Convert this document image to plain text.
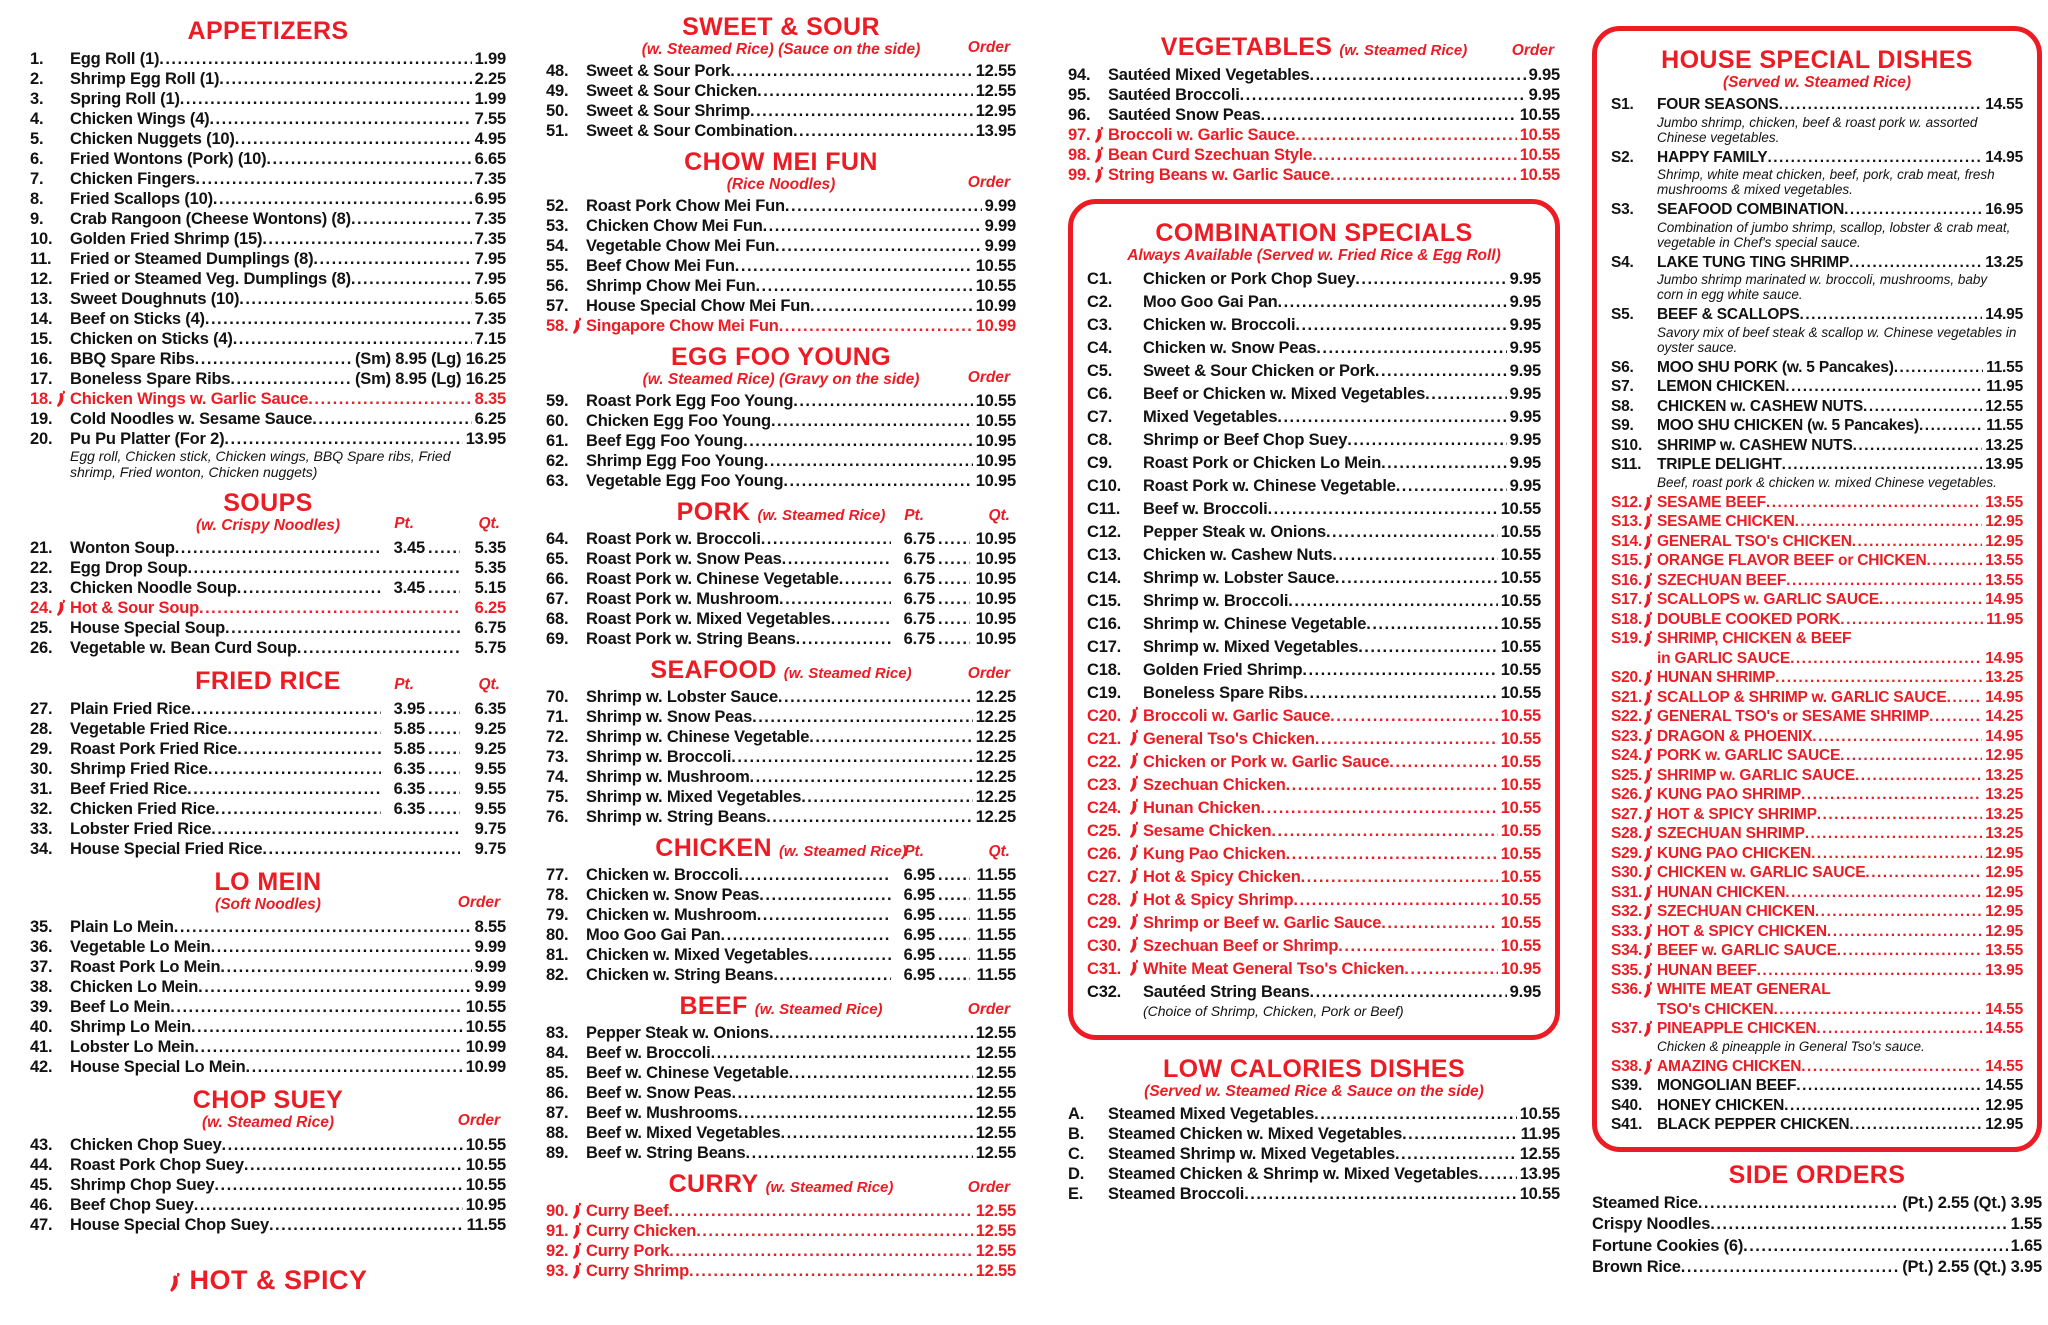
APPETIZERS
1.	Egg Roll (1) .....	1.99
2.	Shrimp Egg Roll (1) .....	2.25
3.	Spring Roll (1) .....	1.99
4.	Chicken Wings (4) .....	7.55
5.	Chicken Nuggets (10) .....	4.95
6.	Fried Wontons (Pork) (10) .....	6.65
7.	Chicken Fingers .....	7.35
8.	Fried Scallops (10) .....	6.95
9.	Crab Rangoon (Cheese Wontons) (8) .....	7.35
10.	Golden Fried Shrimp (15) .....	7.35
11.	Fried or Steamed Dumplings (8) .....	7.95
12.	Fried or Steamed Veg. Dumplings (8) .....	7.95
13.	Sweet Doughnuts (10) .....	5.65
14.	Beef on Sticks (4) .....	7.35
15.	Chicken on Sticks (4) .....	7.15
16.	BBQ Spare Ribs .....	(Sm) 8.95 (Lg) 16.25
17.	Boneless Spare Ribs .....	(Sm) 8.95 (Lg) 16.25
18.	Chicken Wings w. Garlic Sauce .....	8.35
19.	Cold Noodles w. Sesame Sauce .....	6.25
20.	Pu Pu Platter (For 2) .....	13.95
Egg roll, Chicken stick, Chicken wings, BBQ Spare ribs, Fried shrimp, Fried wonton, Chicken nuggets)
SOUPS
(w. Crispy Noodles)	Pt.	Qt.
21.	Wonton Soup .....	3.45 .....	5.35
22.	Egg Drop Soup .....	5.35
23.	Chicken Noodle Soup .....	3.45 .....	5.15
24.	Hot & Sour Soup .....	6.25
25.	House Special Soup .....	6.75
26.	Vegetable w. Bean Curd Soup .....	5.75
FRIED RICE	Pt.	Qt.
27.	Plain Fried Rice .....	3.95 .....	6.35
28.	Vegetable Fried Rice .....	5.85 .....	9.25
29.	Roast Pork Fried Rice .....	5.85 .....	9.25
30.	Shrimp Fried Rice .....	6.35 .....	9.55
31.	Beef Fried Rice .....	6.35 .....	9.55
32.	Chicken Fried Rice .....	6.35 .....	9.55
33.	Lobster Fried Rice .....	9.75
34.	House Special Fried Rice .....	9.75
LO MEIN
(Soft Noodles)	Order
35.	Plain Lo Mein .....	8.55
36.	Vegetable Lo Mein .....	9.99
37.	Roast Pork Lo Mein .....	9.99
38.	Chicken Lo Mein .....	9.99
39.	Beef Lo Mein .....	10.55
40.	Shrimp Lo Mein .....	10.55
41.	Lobster Lo Mein .....	10.99
42.	House Special Lo Mein .....	10.99
CHOP SUEY
(w. Steamed Rice)	Order
43.	Chicken Chop Suey .....	10.55
44.	Roast Pork Chop Suey .....	10.55
45.	Shrimp Chop Suey .....	10.55
46.	Beef Chop Suey .....	10.95
47.	House Special Chop Suey .....	11.55
HOT & SPICY
SWEET & SOUR
(w. Steamed Rice) (Sauce on the side)	Order
48.	Sweet & Sour Pork .....	12.55
49.	Sweet & Sour Chicken .....	12.55
50.	Sweet & Sour Shrimp .....	12.95
51.	Sweet & Sour Combination .....	13.95
CHOW MEI FUN
(Rice Noodles)	Order
52.	Roast Pork Chow Mei Fun .....	9.99
53.	Chicken Chow Mei Fun .....	9.99
54.	Vegetable Chow Mei Fun .....	9.99
55.	Beef Chow Mei Fun .....	10.55
56.	Shrimp Chow Mei Fun .....	10.55
57.	House Special Chow Mei Fun .....	10.99
58.	Singapore Chow Mei Fun .....	10.99
EGG FOO YOUNG
(w. Steamed Rice) (Gravy on the side)	Order
59.	Roast Pork Egg Foo Young .....	10.55
60.	Chicken Egg Foo Young .....	10.55
61.	Beef Egg Foo Young .....	10.95
62.	Shrimp Egg Foo Young .....	10.95
63.	Vegetable Egg Foo Young .....	10.95
PORK (w. Steamed Rice) Pt.	Qt.
64.	Roast Pork w. Broccoli .....	6.75 .....	10.95
65.	Roast Pork w. Snow Peas .....	6.75 .....	10.95
66.	Roast Pork w. Chinese Vegetable .....	6.75 .....	10.95
67.	Roast Pork w. Mushroom .....	6.75 .....	10.95
68.	Roast Pork w. Mixed Vegetables .....	6.75 .....	10.95
69.	Roast Pork w. String Beans .....	6.75 .....	10.95
SEAFOOD (w. Steamed Rice)	Order
70.	Shrimp w. Lobster Sauce .....	12.25
71.	Shrimp w. Snow Peas .....	12.25
72.	Shrimp w. Chinese Vegetable .....	12.25
73.	Shrimp w. Broccoli .....	12.25
74.	Shrimp w. Mushroom .....	12.25
75.	Shrimp w. Mixed Vegetables .....	12.25
76.	Shrimp w. String Beans .....	12.25
CHICKEN (w. Steamed Rice)
Pt.	Qt.
77.	Chicken w. Broccoli .....	6.95 .....	11.55
78.	Chicken w. Snow Peas .....	6.95 .....	11.55
79.	Chicken w. Mushroom .....	6.95 .....	11.55
80.	Moo Goo Gai Pan .....	6.95 .....	11.55
81.	Chicken w. Mixed Vegetables .....	6.95 .....	11.55
82.	Chicken w. String Beans .....	6.95 .....	11.55
BEEF (w. Steamed Rice)	Order
83.	Pepper Steak w. Onions .....	12.55
84.	Beef w. Broccoli .....	12.55
85.	Beef w. Chinese Vegetable .....	12.55
86.	Beef w. Snow Peas .....	12.55
87.	Beef w. Mushrooms .....	12.55
88.	Beef w. Mixed Vegetables .....	12.55
89.	Beef w. String Beans .....	12.55
CURRY (w. Steamed Rice)	Order
90.	Curry Beef .....	12.55
91.	Curry Chicken .....	12.55
92.	Curry Pork .....	12.55
93.	Curry Shrimp .....	12.55
VEGETABLES (w. Steamed Rice)	Order
94.	Sautéed Mixed Vegetables .....	9.95
95.	Sautéed Broccoli .....	9.95
96.	Sautéed Snow Peas .....	10.55
97.	Broccoli w. Garlic Sauce .....	10.55
98.	Bean Curd Szechuan Style .....	10.55
99.	String Beans w. Garlic Sauce .....	10.55
COMBINATION SPECIALS
Always Available (Served w. Fried Rice & Egg Roll)
C1.	Chicken or Pork Chop Suey .....	9.95
C2.	Moo Goo Gai Pan .....	9.95
C3.	Chicken w. Broccoli .....	9.95
C4.	Chicken w. Snow Peas .....	9.95
C5.	Sweet & Sour Chicken or Pork .....	9.95
C6.	Beef or Chicken w. Mixed Vegetables .....	9.95
C7.	Mixed Vegetables .....	9.95
C8.	Shrimp or Beef Chop Suey .....	9.95
C9.	Roast Pork or Chicken Lo Mein .....	9.95
C10.	Roast Pork w. Chinese Vegetable .....	9.95
C11.	Beef w. Broccoli .....	10.55
C12.	Pepper Steak w. Onions .....	10.55
C13.	Chicken w. Cashew Nuts .....	10.55
C14.	Shrimp w. Lobster Sauce .....	10.55
C15.	Shrimp w. Broccoli .....	10.55
C16.	Shrimp w. Chinese Vegetable .....	10.55
C17.	Shrimp w. Mixed Vegetables .....	10.55
C18.	Golden Fried Shrimp .....	10.55
C19.	Boneless Spare Ribs .....	10.55
C20.	Broccoli w. Garlic Sauce .....	10.55
C21.	General Tso's Chicken .....	10.55
C22.	Chicken or Pork w. Garlic Sauce .....	10.55
C23.	Szechuan Chicken .....	10.55
C24.	Hunan Chicken .....	10.55
C25.	Sesame Chicken .....	10.55
C26.	Kung Pao Chicken .....	10.55
C27.	Hot & Spicy Chicken .....	10.55
C28.	Hot & Spicy Shrimp .....	10.55
C29.	Shrimp or Beef w. Garlic Sauce .....	10.55
C30.	Szechuan Beef or Shrimp .....	10.55
C31.	White Meat General Tso's Chicken .....	10.95
C32.	Sautéed String Beans .....	9.95
(Choice of Shrimp, Chicken, Pork or Beef)
LOW CALORIES DISHES
(Served w. Steamed Rice & Sauce on the side)
A.	Steamed Mixed Vegetables .....	10.55
B.	Steamed Chicken w. Mixed Vegetables .....	11.95
C.	Steamed Shrimp w. Mixed Vegetables .....	12.55
D.	Steamed Chicken & Shrimp w. Mixed Vegetables .....	13.95
E.	Steamed Broccoli .....	10.55
HOUSE SPECIAL DISHES
(Served w. Steamed Rice)
S1.	FOUR SEASONS .....	14.55
Jumbo shrimp, chicken, beef & roast pork w. assorted Chinese vegetables.
S2.	HAPPY FAMILY .....	14.95
Shrimp, white meat chicken, beef, pork, crab meat, fresh mushrooms & mixed vegetables.
S3.	SEAFOOD COMBINATION .....	16.95
Combination of jumbo shrimp, scallop, lobster & crab meat, vegetable in Chef's special sauce.
S4.	LAKE TUNG TING SHRIMP .....	13.25
Jumbo shrimp marinated w. broccoli, mushrooms, baby corn in egg white sauce.
S5.	BEEF & SCALLOPS .....	14.95
Savory mix of beef steak & scallop w. Chinese vegetables in oyster sauce.
S6.	MOO SHU PORK (w. 5 Pancakes) .....	11.55
S7.	LEMON CHICKEN .....	11.95
S8.	CHICKEN w. CASHEW NUTS .....	12.55
S9.	MOO SHU CHICKEN (w. 5 Pancakes) .....	11.55
S10. SHRIMP w. CASHEW NUTS .....	13.25
S11.	TRIPLE DELIGHT .....	13.95
Beef, roast pork & chicken w. mixed Chinese vegetables.
S12. SESAME BEEF .....	13.55
S13. SESAME CHICKEN .....	12.95
S14. GENERAL TSO's CHICKEN .....	12.95
S15. ORANGE FLAVOR BEEF or CHICKEN .....	13.55
S16. SZECHUAN BEEF .....	13.55
S17. SCALLOPS w. GARLIC SAUCE .....	14.95
S18. DOUBLE COOKED PORK .....	11.95
S19. SHRIMP, CHICKEN & BEEF
in GARLIC SAUCE .....	14.95
S20. HUNAN SHRIMP .....	13.25
S21. SCALLOP & SHRIMP w. GARLIC SAUCE ..... 14.95
S22. GENERAL TSO's or SESAME SHRIMP .....	14.25
S23. DRAGON & PHOENIX .....	14.95
S24. PORK w. GARLIC SAUCE .....	12.95
S25. SHRIMP w. GARLIC SAUCE .....	13.25
S26. KUNG PAO SHRIMP .....	13.25
S27. HOT & SPICY SHRIMP .....	13.25
S28. SZECHUAN SHRIMP .....	13.25
S29. KUNG PAO CHICKEN .....	12.95
S30. CHICKEN w. GARLIC SAUCE .....	12.95
S31. HUNAN CHICKEN .....	12.95
S32. SZECHUAN CHICKEN .....	12.95
S33. HOT & SPICY CHICKEN .....	12.95
S34. BEEF w. GARLIC SAUCE .....	13.55
S35. HUNAN BEEF .....	13.95
S36. WHITE MEAT GENERAL
TSO's CHICKEN .....	14.55
S37. PINEAPPLE CHICKEN .....	14.55
Chicken & pineapple in General Tso's sauce.
S38. AMAZING CHICKEN .....	14.55
S39. MONGOLIAN BEEF .....	14.55
S40. HONEY CHICKEN .....	12.95
S41. BLACK PEPPER CHICKEN .....	12.95
SIDE ORDERS
Steamed Rice .....	(Pt.) 2.55 (Qt.) 3.95
Crispy Noodles .....	1.55
Fortune Cookies (6) .....	1.65
Brown Rice .....	(Pt.) 2.55 (Qt.) 3.95
